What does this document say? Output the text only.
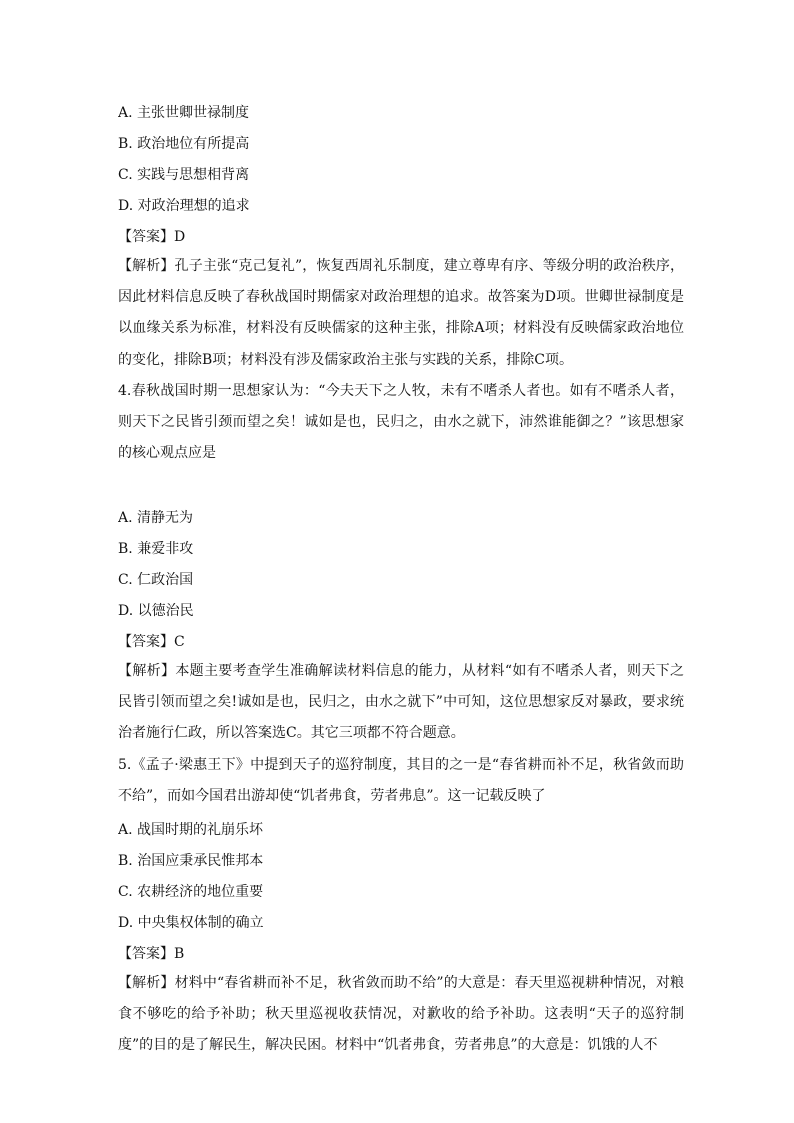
A. 主张世卿世禄制度
B. 政治地位有所提高
C. 实践与思想相背离
D. 对政治理想的追求
【答案】D
【解析】孔子主张“克己复礼”，恢复西周礼乐制度，建立尊卑有序、等级分明的政治秩序，因此材料信息反映了春秋战国时期儒家对政治理想的追求。故答案为D项。世卿世禄制度是以血缘关系为标准，材料没有反映儒家的这种主张，排除A项；材料没有反映儒家政治地位的变化，排除B项；材料没有涉及儒家政治主张与实践的关系，排除C项。
4.春秋战国时期一思想家认为：“今夫天下之人牧，未有不嗜杀人者也。如有不嗜杀人者，则天下之民皆引颈而望之矣！诚如是也，民归之，由水之就下，沛然谁能御之？”该思想家的核心观点应是
A. 清静无为
B. 兼爱非攻
C. 仁政治国
D. 以德治民
【答案】C
【解析】本题主要考查学生准确解读材料信息的能力，从材料“如有不嗜杀人者，则天下之民皆引领而望之矣!诚如是也，民归之，由水之就下”中可知，这位思想家反对暴政，要求统治者施行仁政，所以答案选C。其它三项都不符合题意。
5.《孟子·梁惠王下》中提到天子的巡狩制度，其目的之一是“春省耕而补不足，秋省敛而助不给”，而如今国君出游却使“饥者弗食，劳者弗息”。这一记载反映了
A. 战国时期的礼崩乐坏
B. 治国应秉承民惟邦本
C. 农耕经济的地位重要
D. 中央集权体制的确立
【答案】B
【解析】材料中“春省耕而补不足，秋省敛而助不给”的大意是：春天里巡视耕种情况，对粮食不够吃的给予补助；秋天里巡视收获情况，对歉收的给予补助。这表明“天子的巡狩制度”的目的是了解民生，解决民困。材料中“饥者弗食，劳者弗息”的大意是：饥饿的人不
